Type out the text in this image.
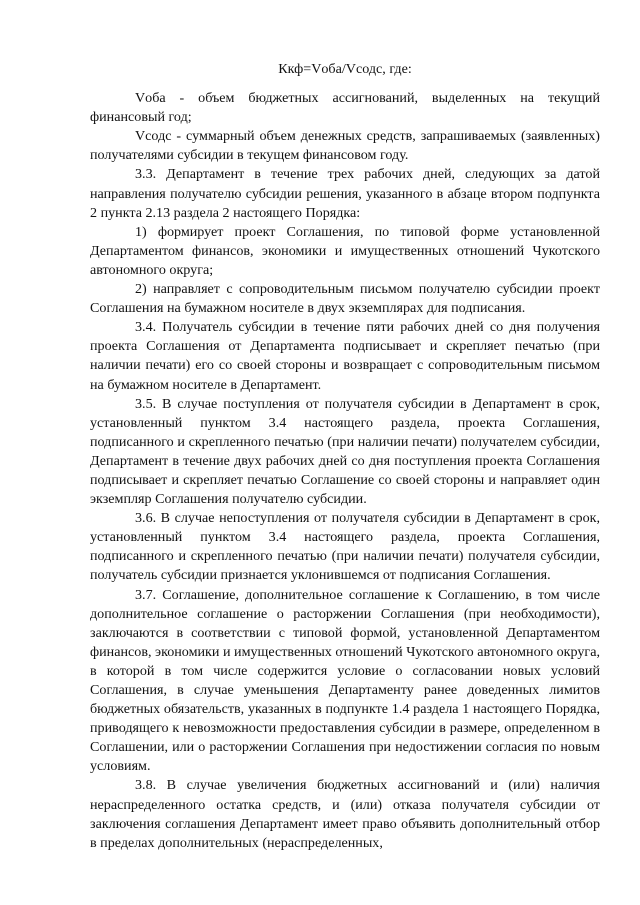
Ккф=Vоба/Vсодс, где:

Vоба - объем бюджетных ассигнований, выделенных на текущий финансовый год;

Vсодс - суммарный объем денежных средств, запрашиваемых (заявленных) получателями субсидии в текущем финансовом году.

3.3. Департамент в течение трех рабочих дней, следующих за датой направления получателю субсидии решения, указанного в абзаце втором подпункта 2 пункта 2.13 раздела 2 настоящего Порядка:

1) формирует проект Соглашения, по типовой форме установленной Департаментом финансов, экономики и имущественных отношений Чукотского автономного округа;

2) направляет с сопроводительным письмом получателю субсидии проект Соглашения на бумажном носителе в двух экземплярах для подписания.

3.4. Получатель субсидии в течение пяти рабочих дней со дня получения проекта Соглашения от Департамента подписывает и скрепляет печатью (при наличии печати) его со своей стороны и возвращает с сопроводительным письмом на бумажном носителе в Департамент.

3.5. В случае поступления от получателя субсидии в Департамент в срок, установленный пунктом 3.4 настоящего раздела, проекта Соглашения, подписанного и скрепленного печатью (при наличии печати) получателем субсидии, Департамент в течение двух рабочих дней со дня поступления проекта Соглашения подписывает и скрепляет печатью Соглашение со своей стороны и направляет один экземпляр Соглашения получателю субсидии.

3.6. В случае непоступления от получателя субсидии в Департамент в срок, установленный пунктом 3.4 настоящего раздела, проекта Соглашения, подписанного и скрепленного печатью (при наличии печати) получателя субсидии, получатель субсидии признается уклонившемся от подписания Соглашения.

3.7. Соглашение, дополнительное соглашение к Соглашению, в том числе дополнительное соглашение о расторжении Соглашения (при необходимости), заключаются в соответствии с типовой формой, установленной Департаментом финансов, экономики и имущественных отношений Чукотского автономного округа, в которой в том числе содержится условие о согласовании новых условий Соглашения, в случае уменьшения Департаменту ранее доведенных лимитов бюджетных обязательств, указанных в подпункте 1.4 раздела 1 настоящего Порядка, приводящего к невозможности предоставления субсидии в размере, определенном в Соглашении, или о расторжении Соглашения при недостижении согласия по новым условиям.

3.8. В случае увеличения бюджетных ассигнований и (или) наличия нераспределенного остатка средств, и (или) отказа получателя субсидии от заключения соглашения Департамент имеет право объявить дополнительный отбор в пределах дополнительных (нераспределенных,
